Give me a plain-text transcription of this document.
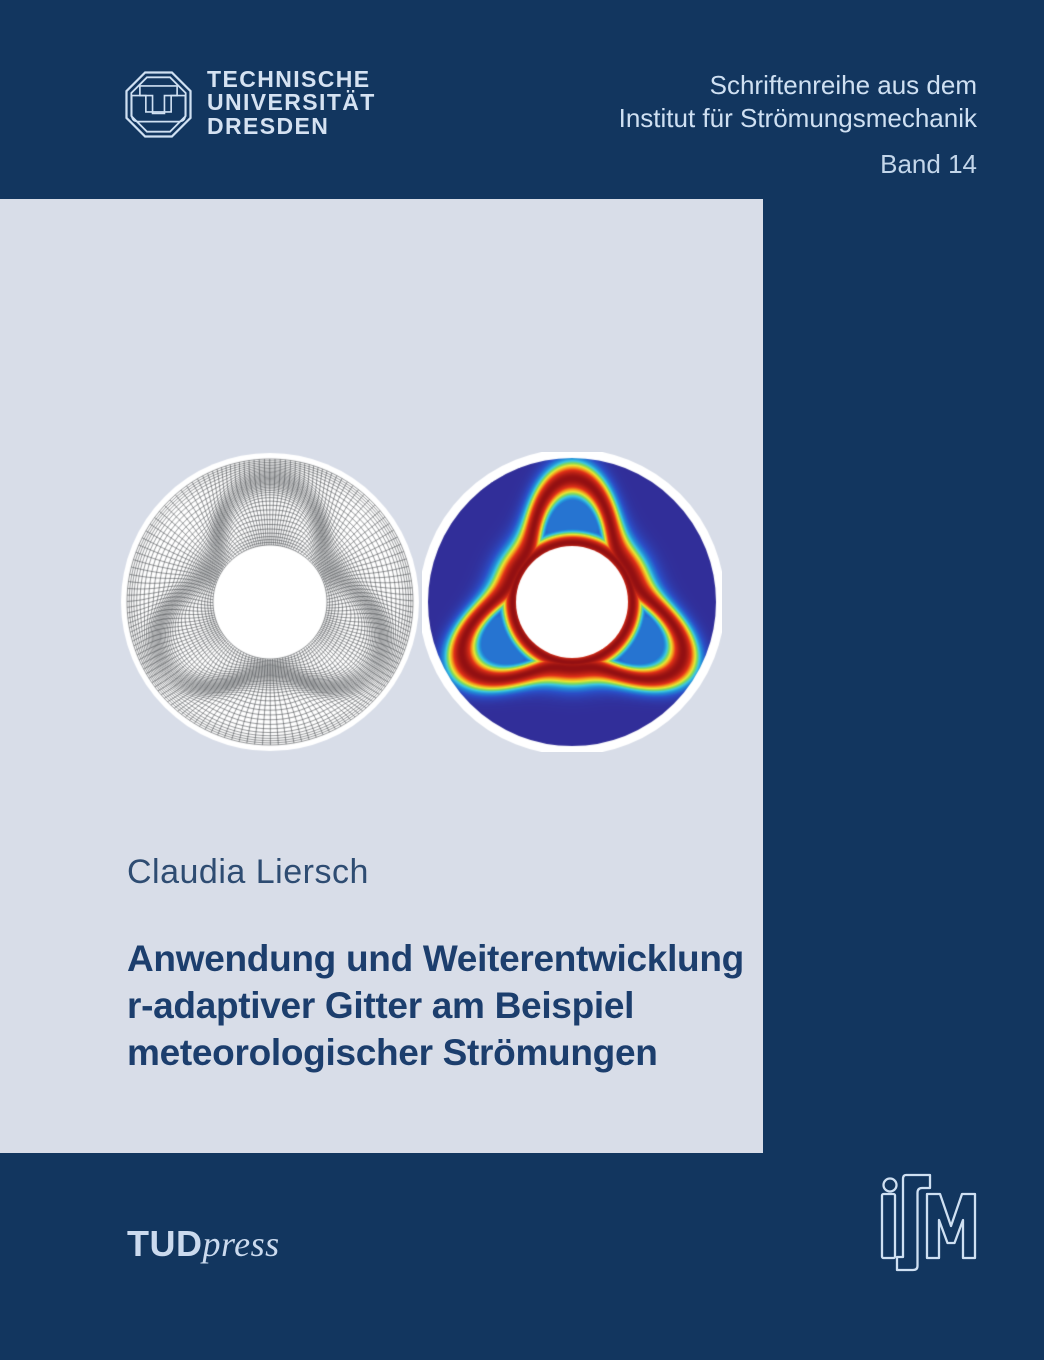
TECHNISCHE
UNIVERSITÄT
DRESDEN
Schriftenreihe aus dem
Institut für Strömungsmechanik
Band 14
Claudia Liersch
Anwendung und Weiterentwicklung
r-adaptiver Gitter am Beispiel
meteorologischer Strömungen
TUDpress
